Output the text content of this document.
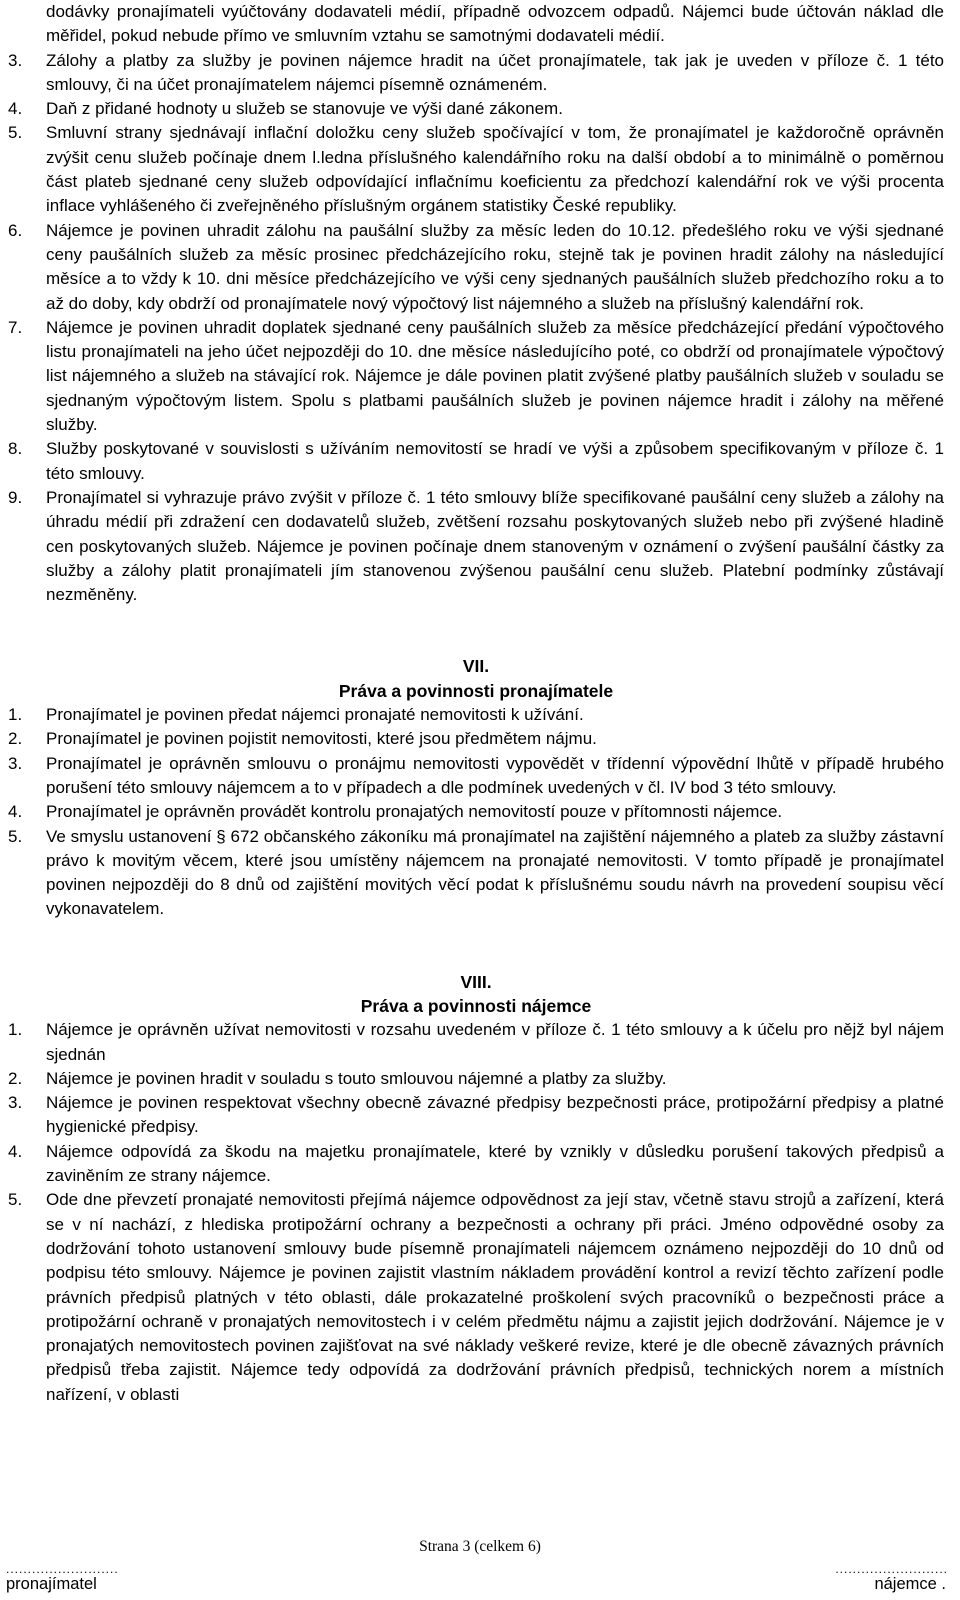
dodávky pronajímateli vyúčtovány dodavateli médií, případně odvozcem odpadů. Nájemci bude účtován náklad dle měřidel, pokud nebude přímo ve smluvním vztahu se samotnými dodavateli médií.

3. Zálohy a platby za služby je povinen nájemce hradit na účet pronajímatele, tak jak je uveden v příloze č. 1 této smlouvy, či na účet pronajímatelem nájemci písemně oznámeném.
4. Daň z přidané hodnoty u služeb se stanovuje ve výši dané zákonem.
5. Smluvní strany sjednávají inflační doložku ceny služeb spočívající v tom, že pronajímatel je každoročně oprávněn zvýšit cenu služeb počínaje dnem l.ledna příslušného kalendářního roku na další období a to minimálně o poměrnou část plateb sjednané ceny služeb odpovídající inflačnímu koeficientu za předchozí kalendářní rok ve výši procenta inflace vyhlášeného či zveřejněného příslušným orgánem statistiky České republiky.
6. Nájemce je povinen uhradit zálohu na paušální služby za měsíc leden do 10.12. předešlého roku ve výši sjednané ceny paušálních služeb za měsíc prosinec předcházejícího roku, stejně tak je povinen hradit zálohy na následující měsíce a to vždy k 10. dni měsíce předcházejícího ve výši ceny sjednaných paušálních služeb předchozího roku a to až do doby, kdy obdrží od pronajímatele nový výpočtový list nájemného a služeb na příslušný kalendářní rok.
7. Nájemce je povinen uhradit doplatek sjednané ceny paušálních služeb za měsíce předcházející předání výpočtového listu pronajímateli na jeho účet nejpozději do 10. dne měsíce následujícího poté, co obdrží od pronajímatele výpočtový list nájemného a služeb na stávající rok. Nájemce je dále povinen platit zvýšené platby paušálních služeb v souladu se sjednaným výpočtovým listem. Spolu s platbami paušálních služeb je povinen nájemce hradit i zálohy na měřené služby.
8. Služby poskytované v souvislosti s užíváním nemovitostí se hradí ve výši a způsobem specifikovaným v příloze č. 1 této smlouvy.
9. Pronajímatel si vyhrazuje právo zvýšit v příloze č. 1 této smlouvy blíže specifikované paušální ceny služeb a zálohy na úhradu médií při zdražení cen dodavatelů služeb, zvětšení rozsahu poskytovaných služeb nebo při zvýšené hladině cen poskytovaných služeb. Nájemce je povinen počínaje dnem stanoveným v oznámení o zvýšení paušální částky za služby a zálohy platit pronajímateli jím stanovenou zvýšenou paušální cenu služeb. Platební podmínky zůstávají nezměněny.
VII.
Práva a povinnosti pronajímatele
1. Pronajímatel je povinen předat nájemci pronajaté nemovitosti k užívání.
2. Pronajímatel je povinen pojistit nemovitosti, které jsou předmětem nájmu.
3. Pronajímatel je oprávněn smlouvu o pronájmu nemovitosti vypovědět v třídenní výpovědní lhůtě v případě hrubého porušení této smlouvy nájemcem a to v případech a dle podmínek uvedených v čl. IV bod 3 této smlouvy.
4. Pronajímatel je oprávněn provádět kontrolu pronajatých nemovitostí pouze v přítomnosti nájemce.
5. Ve smyslu ustanovení § 672 občanského zákoníku má pronajímatel na zajištění nájemného a plateb za služby zástavní právo k movitým věcem, které jsou umístěny nájemcem na pronajaté nemovitosti. V tomto případě je pronajímatel povinen nejpozději do 8 dnů od zajištění movitých věcí podat k příslušnému soudu návrh na provedení soupisu věcí vykonavatelem.
VIII.
Práva a povinnosti nájemce
1. Nájemce je oprávněn užívat nemovitosti v rozsahu uvedeném v příloze č. 1 této smlouvy a k účelu pro nějž byl nájem sjednán
2. Nájemce je povinen hradit v souladu s touto smlouvou nájemné a platby za služby.
3. Nájemce je povinen respektovat všechny obecně závazné předpisy bezpečnosti práce, protipožární předpisy a platné hygienické předpisy.
4. Nájemce odpovídá za škodu na majetku pronajímatele, které by vznikly v důsledku porušení takových předpisů a zaviněním ze strany nájemce.
5. Ode dne převzetí pronajaté nemovitosti přejímá nájemce odpovědnost za její stav, včetně stavu strojů a zařízení, která se v ní nachází, z hlediska protipožární ochrany a bezpečnosti a ochrany při práci. Jméno odpovědné osoby za dodržování tohoto ustanovení smlouvy bude písemně pronajímateli nájemcem oznámeno nejpozději do 10 dnů od podpisu této smlouvy. Nájemce je povinen zajistit vlastním nákladem provádění kontrol a revizí těchto zařízení podle právních předpisů platných v této oblasti, dále prokazatelné proškolení svých pracovníků o bezpečnosti práce a protipožární ochraně v pronajatých nemovitostech i v celém předmětu nájmu a zajistit jejich dodržování. Nájemce je v pronajatých nemovitostech povinen zajišťovat na své náklady veškeré revize, které je dle obecně závazných právních předpisů třeba zajistit. Nájemce tedy odpovídá za dodržování právních předpisů, technických norem a místních nařízení, v oblasti
Strana 3 (celkem 6)
..........................	..........................
pronajímatel	nájemce .
